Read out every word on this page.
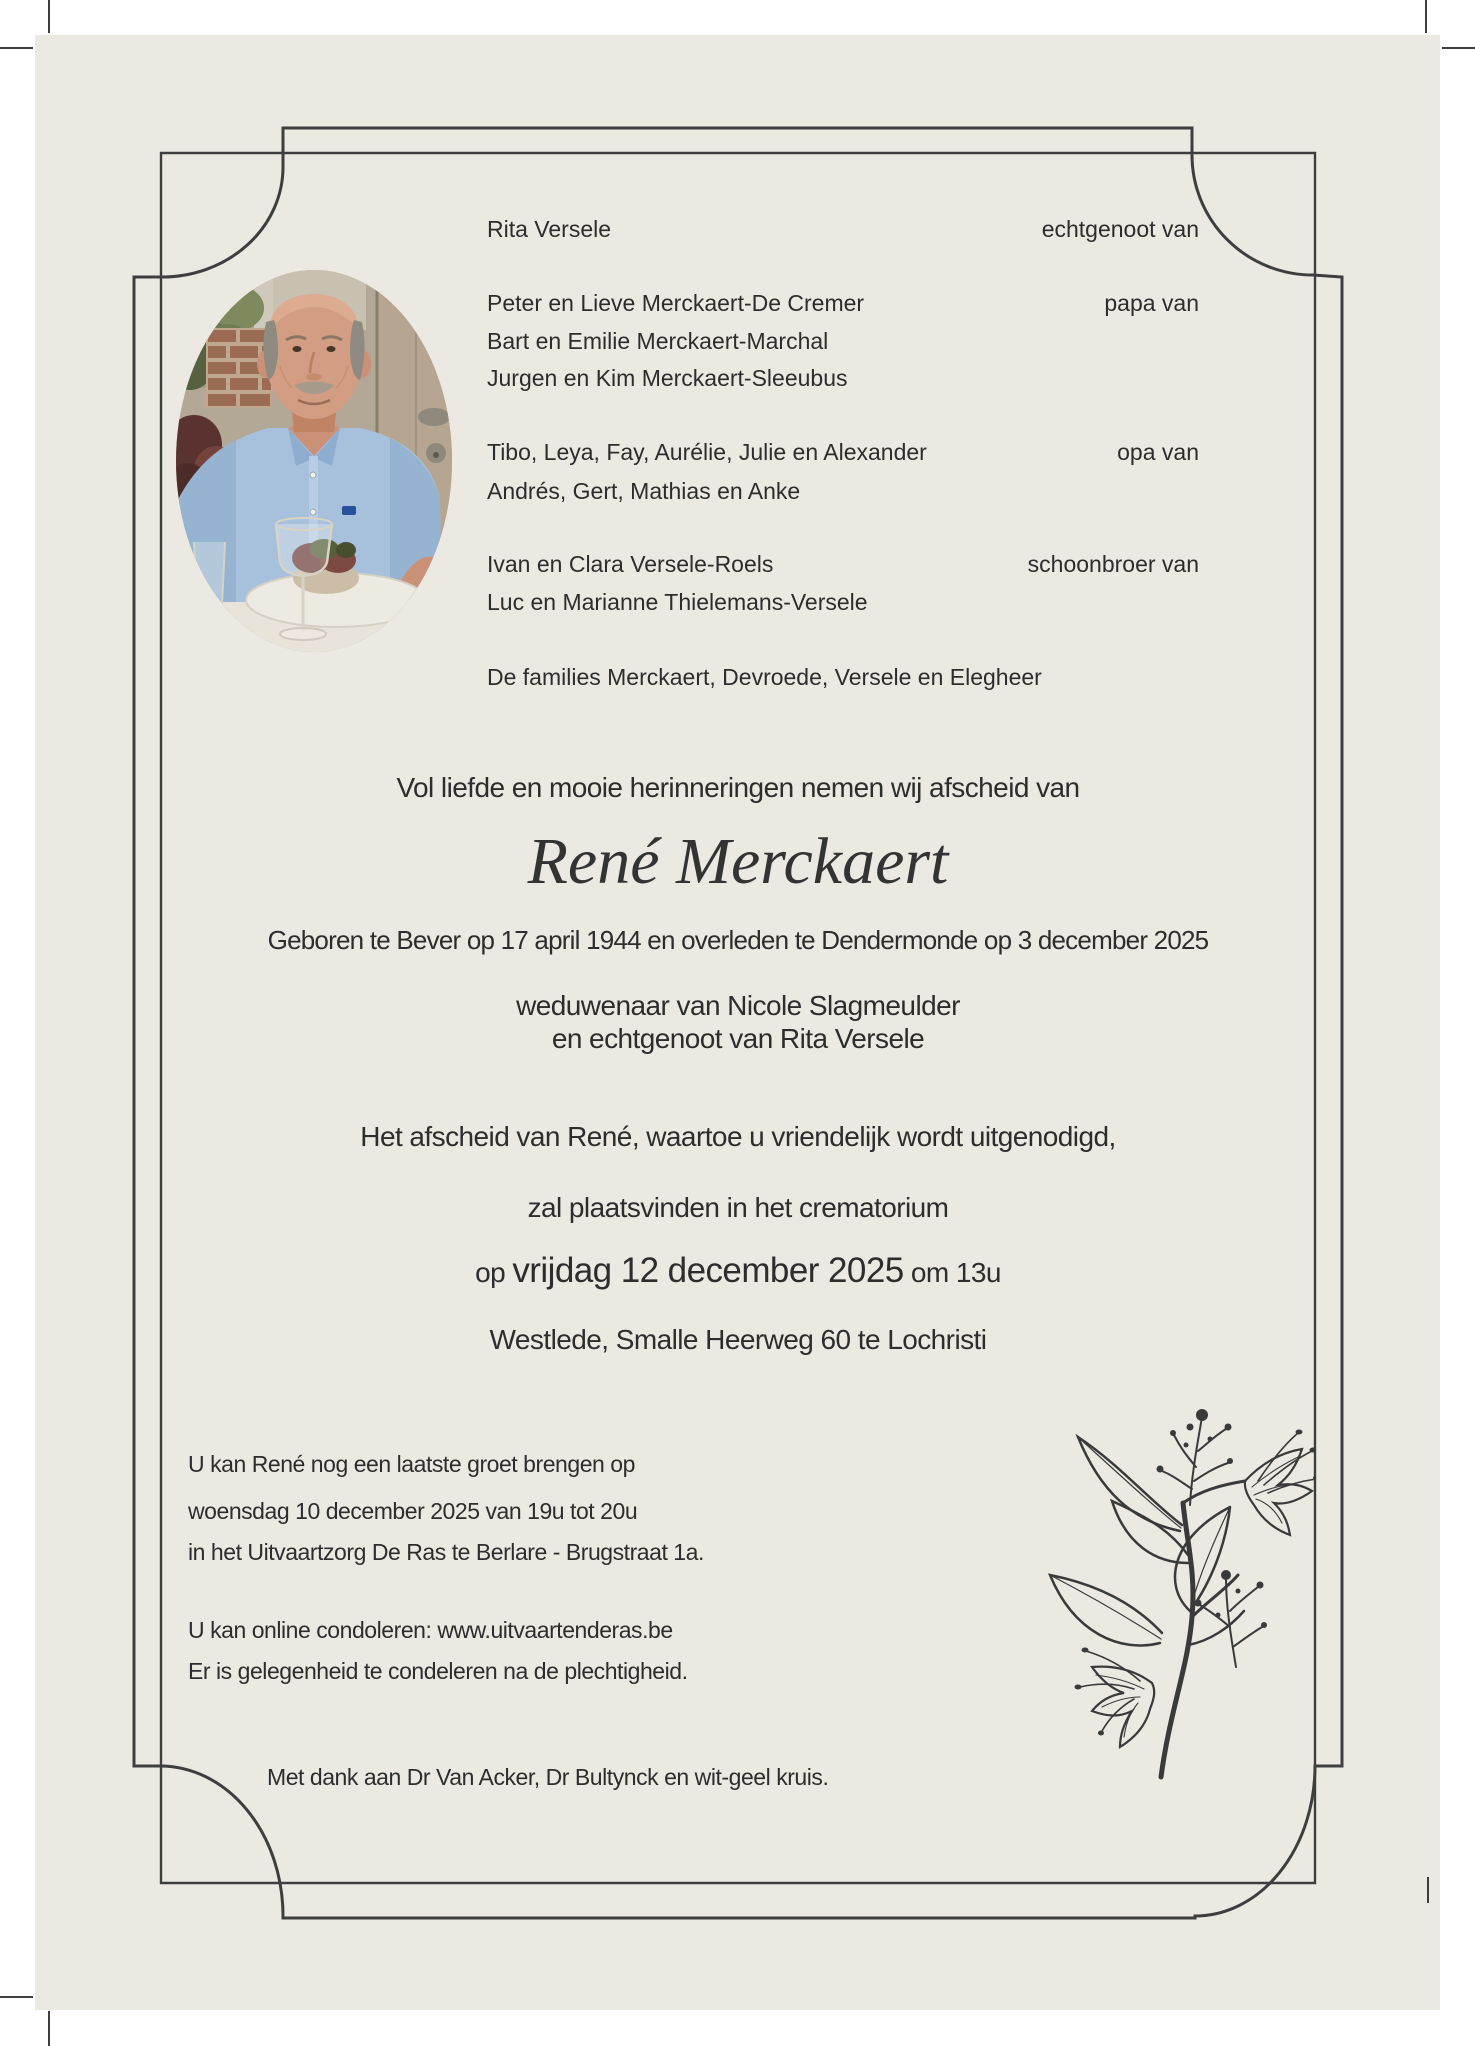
Rita Versele	echtgenoot van
Peter en Lieve Merckaert-De Cremer	papa van
Bart en Emilie Merckaert-Marchal
Jurgen en Kim Merckaert-Sleeubus
Tibo, Leya, Fay, Aurélie, Julie en Alexander	opa van
Andrés, Gert, Mathias en Anke
Ivan en Clara Versele-Roels	schoonbroer van
Luc en Marianne Thielemans-Versele
De families Merckaert, Devroede, Versele en Elegheer
Vol liefde en mooie herinneringen nemen wij afscheid van
René Merckaert
Geboren te Bever op 17 april 1944 en overleden te Dendermonde op 3 december 2025
weduwenaar van Nicole Slagmeulder
en echtgenoot van Rita Versele
Het afscheid van René, waartoe u vriendelijk wordt uitgenodigd,
zal plaatsvinden in het crematorium
op vrijdag 12 december 2025 om 13u
Westlede, Smalle Heerweg 60 te Lochristi
U kan René nog een laatste groet brengen op
woensdag 10 december 2025 van 19u tot 20u
in het Uitvaartzorg De Ras te Berlare - Brugstraat 1a.
U kan online condoleren: www.uitvaartenderas.be
Er is gelegenheid te condeleren na de plechtigheid.
Met dank aan Dr Van Acker, Dr Bultynck en wit-geel kruis.
